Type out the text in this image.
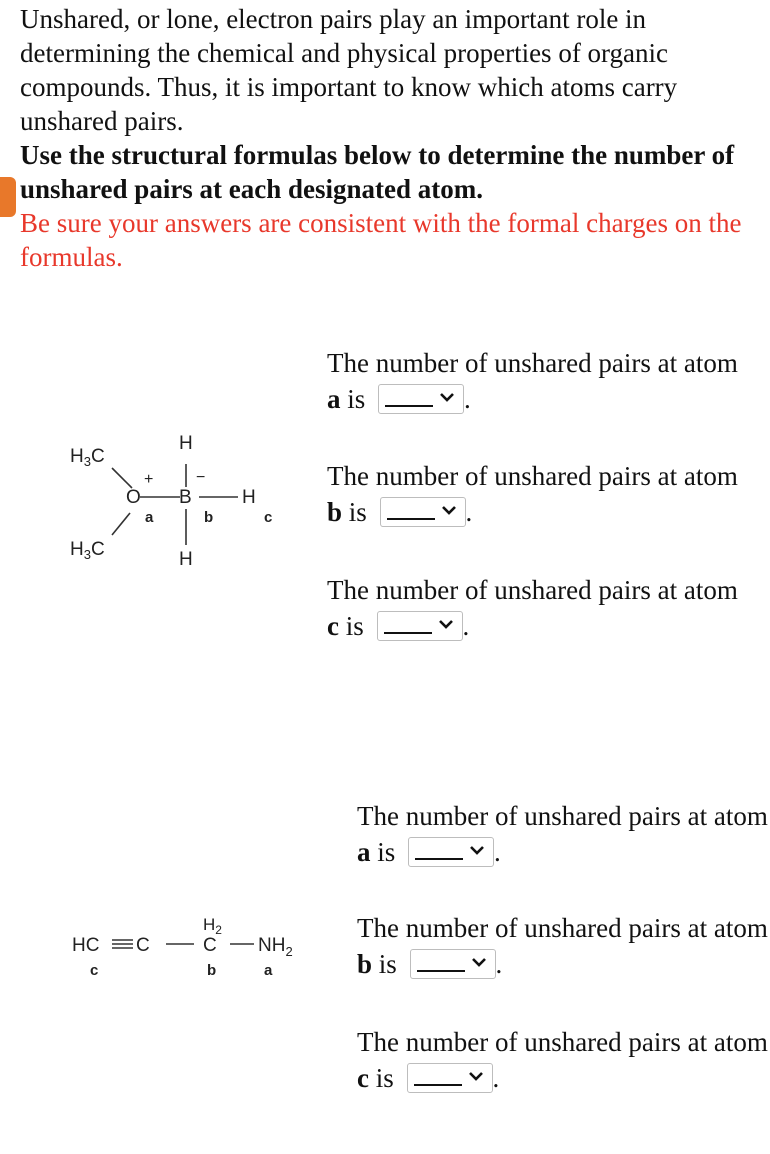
Unshared, or lone, electron pairs play an important role in determining the chemical and physical properties of organic compounds. Thus, it is important to know which atoms carry unshared pairs.

Use the structural formulas below to determine the number of unshared pairs at each designated atom.

Be sure your answers are consistent with the formal charges on the formulas.

$H_3C$
$H_3C$
O
+
B
−
H
H
H
a	b	c
HC C
$H_2$
C $NH_2$
c	b	a
The number of unshared pairs at atom
a is	.
The number of unshared pairs at atom
b is	.
The number of unshared pairs at atom
c is	.
The number of unshared pairs at atom
a is	.
The number of unshared pairs at atom
b is	.
The number of unshared pairs at atom
c is	.
